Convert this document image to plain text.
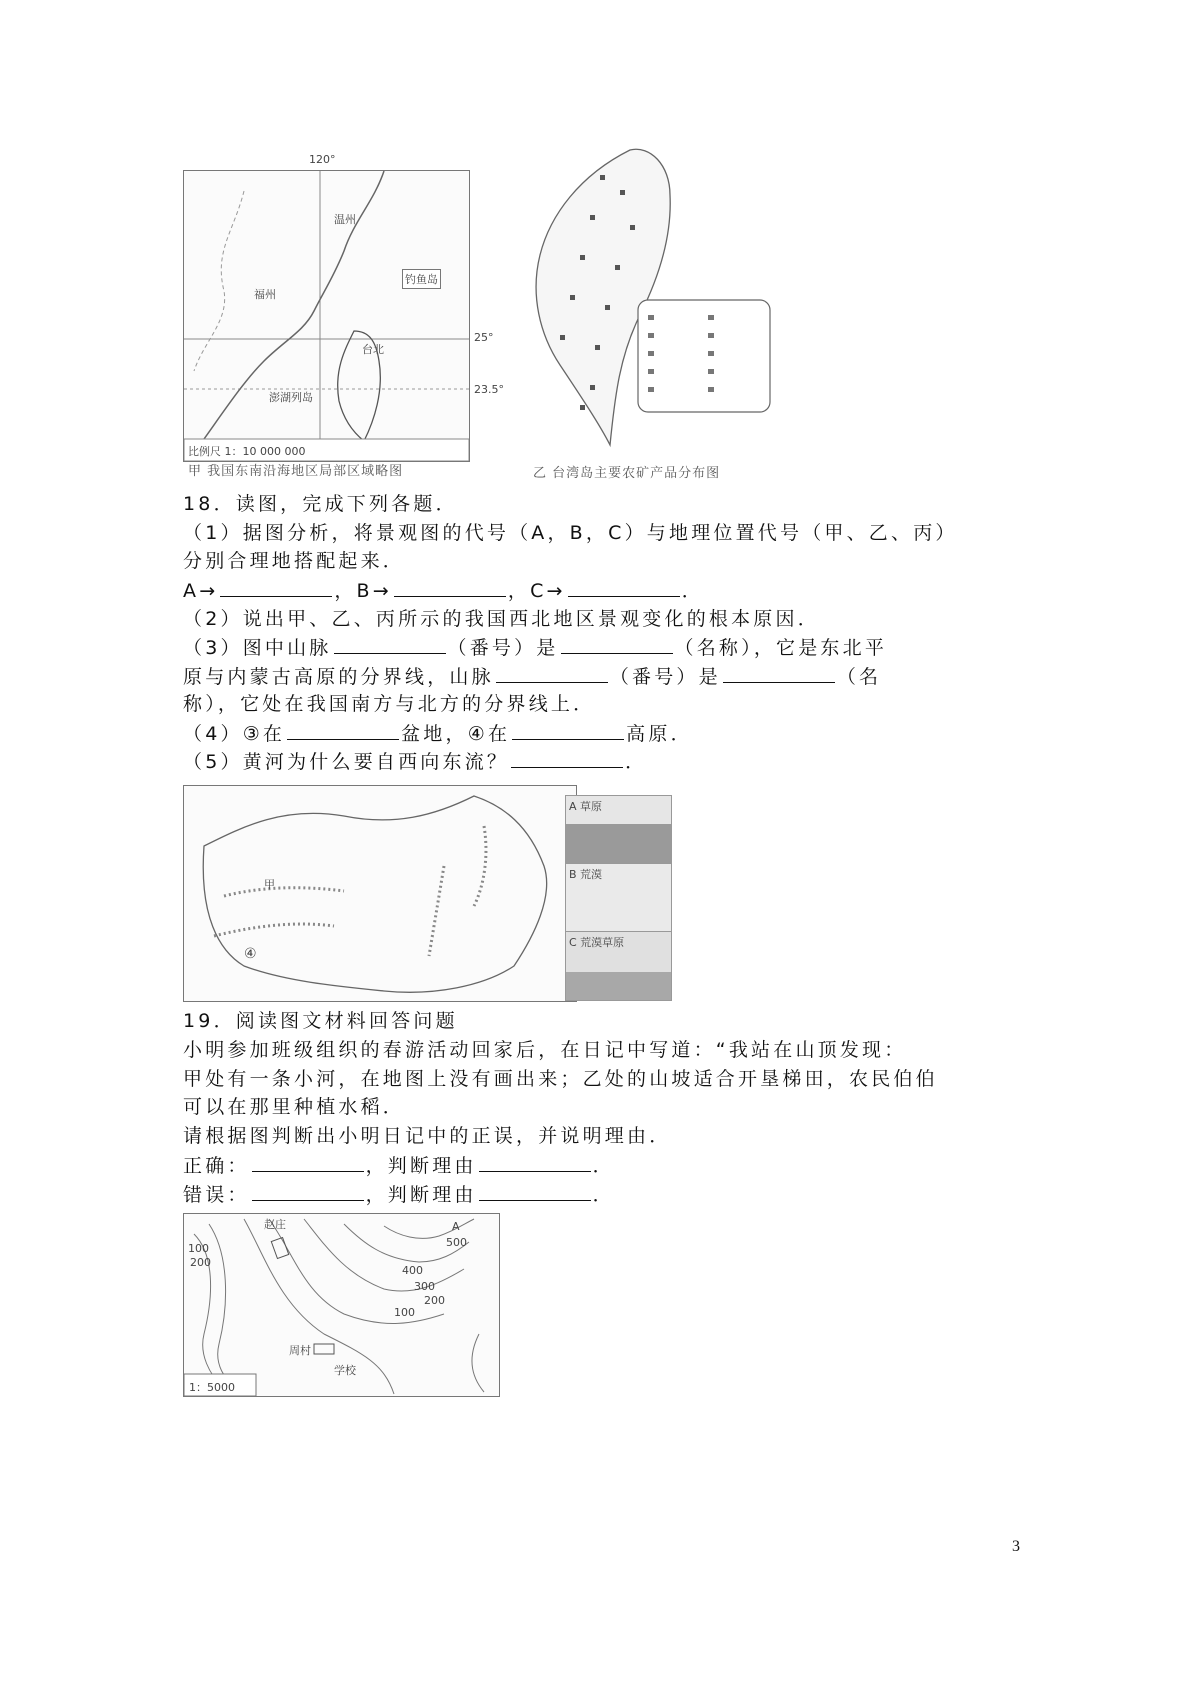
120°
25°
23.5°
温州
福州
钓鱼岛
台北
澎湖列岛
比例尺 1：10 000 000
甲 我国东南沿海地区局部区域略图	乙 台湾岛主要农矿产品分布图
18．读图，完成下列各题．
（1）据图分析，将景观图的代号（A，B，C）与地理位置代号（甲、乙、丙）
分别合理地搭配起来．
A→	，B→	，C→	．
（2）说出甲、乙、丙所示的我国西北地区景观变化的根本原因．
（3）图中山脉	（番号）是	（名称），它是东北平
原与内蒙古高原的分界线，山脉	（番号）是	（名
称），它处在我国南方与北方的分界线上．
（4）③在	盆地，④在	高原．
（5）黄河为什么要自西向东流？	．
甲
④
A 草原
B 荒漠
C 荒漠草原
19．阅读图文材料回答问题
小明参加班级组织的春游活动回家后，在日记中写道：“我站在山顶发现：
甲处有一条小河，在地图上没有画出来；乙处的山坡适合开垦梯田，农民伯伯
可以在那里种植水稻．
请根据图判断出小明日记中的正误，并说明理由．
正确：	，判断理由	．
错误：	，判断理由	．
赵庄
周村
学校
100
200
300
400
500
100
200
A
1：5000
3
